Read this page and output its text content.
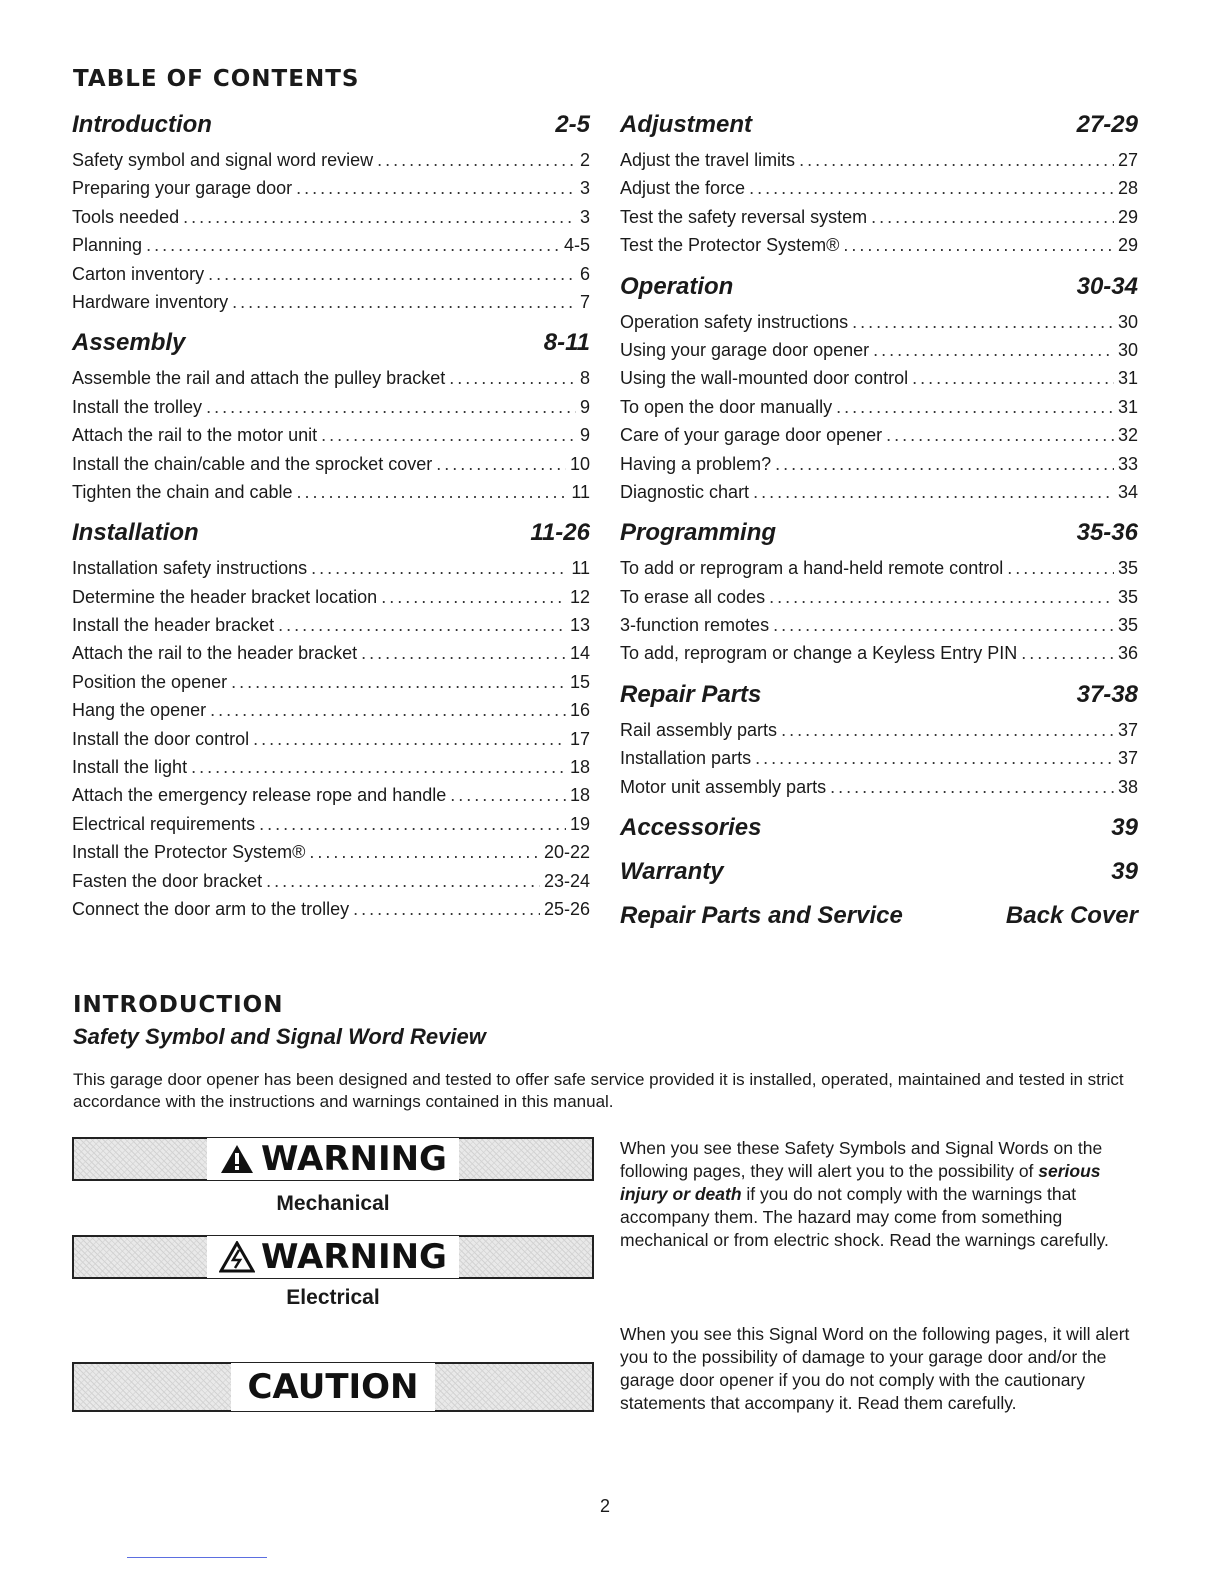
TABLE OF CONTENTS
Introduction	2-5
Safety symbol and signal word review .....	2
Preparing your garage door .....	3
Tools needed .....	3
Planning .....	4-5
Carton inventory .....	6
Hardware inventory .....	7
Assembly	8-11
Assemble the rail and attach the pulley bracket .....	8
Install the trolley .....	9
Attach the rail to the motor unit .....	9
Install the chain/cable and the sprocket cover .....	10
Tighten the chain and cable .....	11
Installation	11-26
Installation safety instructions .....	11
Determine the header bracket location .....	12
Install the header bracket .....	13
Attach the rail to the header bracket .....	14
Position the opener .....	15
Hang the opener .....	16
Install the door control .....	17
Install the light .....	18
Attach the emergency release rope and handle .....	18
Electrical requirements .....	19
Install the Protector System® .....	20-22
Fasten the door bracket .....	23-24
Connect the door arm to the trolley .....	25-26
Adjustment	27-29
Adjust the travel limits .....	27
Adjust the force .....	28
Test the safety reversal system .....	29
Test the Protector System® .....	29
Operation	30-34
Operation safety instructions .....	30
Using your garage door opener .....	30
Using the wall-mounted door control .....	31
To open the door manually .....	31
Care of your garage door opener .....	32
Having a problem? .....	33
Diagnostic chart .....	34
Programming	35-36
To add or reprogram a hand-held remote control .....	35
To erase all codes .....	35
3-function remotes .....	35
To add, reprogram or change a Keyless Entry PIN .....	36
Repair Parts	37-38
Rail assembly parts .....	37
Installation parts .....	37
Motor unit assembly parts .....	38
Accessories	39
Warranty	39
Repair Parts and Service	Back Cover
INTRODUCTION
Safety Symbol and Signal Word Review

This garage door opener has been designed and tested to offer safe service provided it is installed, operated, maintained and tested in strict accordance with the instructions and warnings contained in this manual.

WARNING
Mechanical
WARNING
Electrical
CAUTION

When you see these Safety Symbols and Signal Words on the following pages, they will alert you to the possibility of serious injury or death if you do not comply with the warnings that accompany them. The hazard may come from something mechanical or from electric shock. Read the warnings carefully.

When you see this Signal Word on the following pages, it will alert you to the possibility of damage to your garage door and/or the garage door opener if you do not comply with the cautionary statements that accompany it. Read them carefully.

2
